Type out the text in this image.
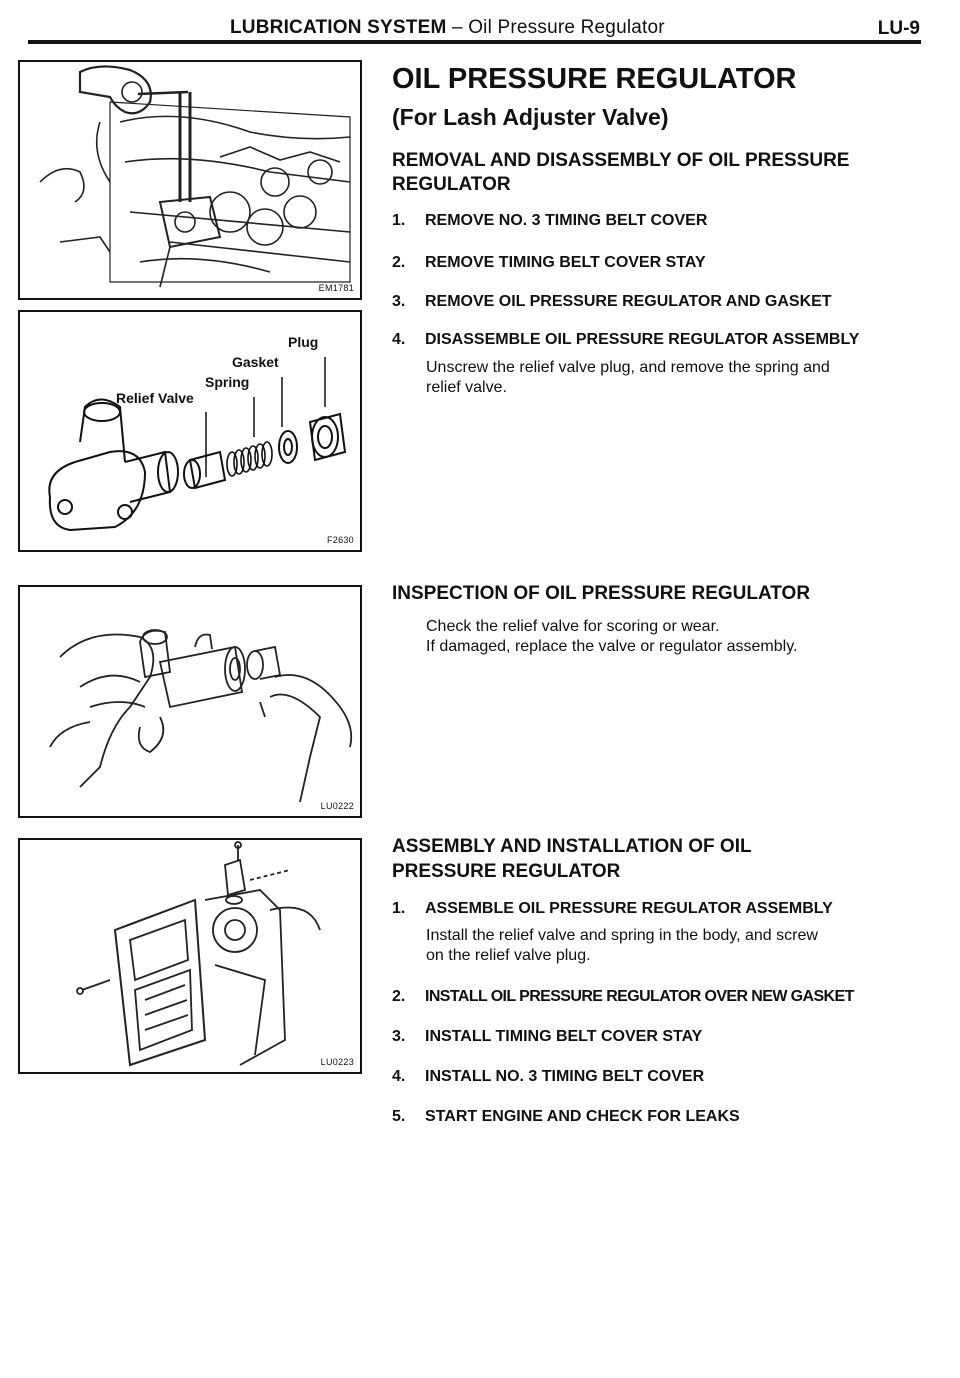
LUBRICATION SYSTEM – Oil Pressure Regulator	LU-9
EM1781
Plug
Gasket
Spring
Relief Valve
F2630
LU0222
LU0223
OIL PRESSURE REGULATOR
(For Lash Adjuster Valve)
REMOVAL AND DISASSEMBLY OF OIL PRESSURE
REGULATOR
1. REMOVE NO. 3 TIMING BELT COVER
2. REMOVE TIMING BELT COVER STAY
3. REMOVE OIL PRESSURE REGULATOR AND GASKET
4. DISASSEMBLE OIL PRESSURE REGULATOR ASSEMBLY
Unscrew the relief valve plug, and remove the spring and
relief valve.
INSPECTION OF OIL PRESSURE REGULATOR
Check the relief valve for scoring or wear.
If damaged, replace the valve or regulator assembly.
ASSEMBLY AND INSTALLATION OF OIL
PRESSURE REGULATOR
1. ASSEMBLE OIL PRESSURE REGULATOR ASSEMBLY
Install the relief valve and spring in the body, and screw
on the relief valve plug.
2. INSTALL OIL PRESSURE REGULATOR OVER NEW GASKET
3. INSTALL TIMING BELT COVER STAY
4. INSTALL NO. 3 TIMING BELT COVER
5. START ENGINE AND CHECK FOR LEAKS
